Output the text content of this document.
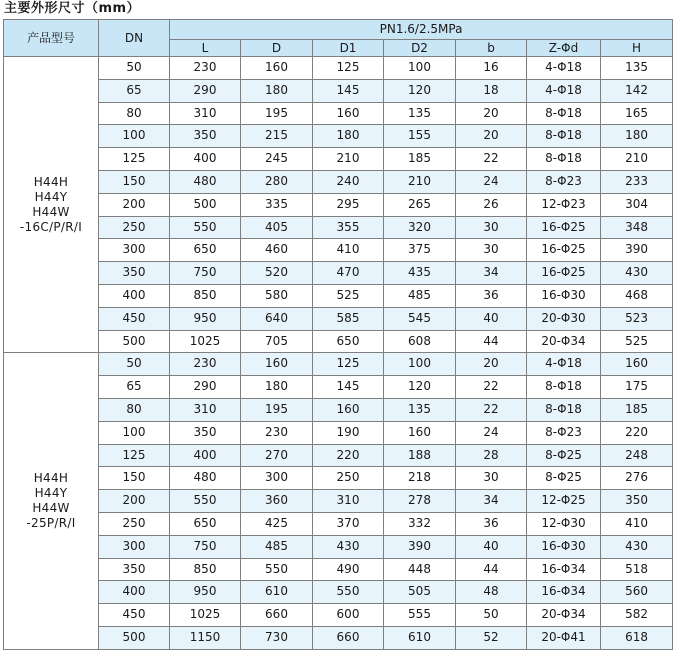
主要外形尺寸（mm）
产品型号	DN	PN1.6/2.5MPa						
		L	D	D1	D2	b	Z-Φd	H
H44H
H44Y
H44W
-16C/P/R/I	50	230	160	125	100	16	4-Φ18	135
	65	290	180	145	120	18	4-Φ18	142
	80	310	195	160	135	20	8-Φ18	165
	100	350	215	180	155	20	8-Φ18	180
	125	400	245	210	185	22	8-Φ18	210
	150	480	280	240	210	24	8-Φ23	233
	200	500	335	295	265	26	12-Φ23	304
	250	550	405	355	320	30	16-Φ25	348
	300	650	460	410	375	30	16-Φ25	390
	350	750	520	470	435	34	16-Φ25	430
	400	850	580	525	485	36	16-Φ30	468
	450	950	640	585	545	40	20-Φ30	523
	500	1025	705	650	608	44	20-Φ34	525
H44H
H44Y
H44W
-25P/R/I	50	230	160	125	100	20	4-Φ18	160
	65	290	180	145	120	22	8-Φ18	175
	80	310	195	160	135	22	8-Φ18	185
	100	350	230	190	160	24	8-Φ23	220
	125	400	270	220	188	28	8-Φ25	248
	150	480	300	250	218	30	8-Φ25	276
	200	550	360	310	278	34	12-Φ25	350
	250	650	425	370	332	36	12-Φ30	410
	300	750	485	430	390	40	16-Φ30	430
	350	850	550	490	448	44	16-Φ34	518
	400	950	610	550	505	48	16-Φ34	560
	450	1025	660	600	555	50	20-Φ34	582
	500	1150	730	660	610	52	20-Φ41	618
